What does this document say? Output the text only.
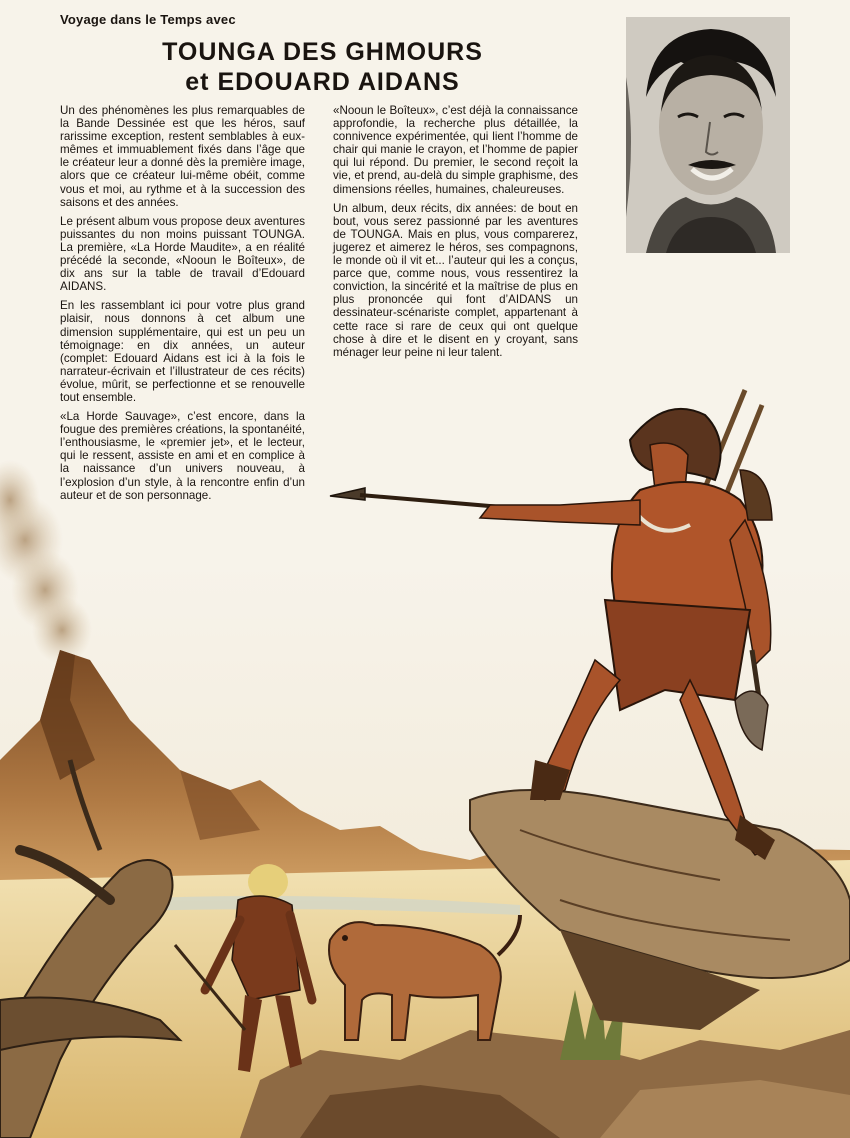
Voyage dans le Temps avec
TOUNGA DES GHMOURS
et EDOUARD AIDANS

Un des phénomènes les plus remarquables de la Bande Dessinée est que les héros, sauf rarissime exception, restent semblables à eux-mêmes et immuablement fixés dans l’âge que le créateur leur a donné dès la première image, alors que ce créateur lui-même obéit, comme vous et moi, au rythme et à la succession des saisons et des années.

Le présent album vous propose deux aventures puissantes du non moins puissant TOUNGA. La première, «La Horde Maudite», a en réalité précédé la seconde, «Nooun le Boîteux», de dix ans sur la table de travail d’Edouard AIDANS.

En les rassemblant ici pour votre plus grand plaisir, nous donnons à cet album une dimension supplémentaire, qui est un peu un témoignage: en dix années, un auteur (complet: Edouard Aidans est ici à la fois le narrateur-écrivain et l’illustrateur de ces récits) évolue, mûrit, se perfectionne et se renouvelle tout ensemble.

«La Horde Sauvage», c’est encore, dans la fougue des premières créations, la spontanéité, l’enthousiasme, le «premier jet», et le lecteur, qui le ressent, assiste en ami et en complice à la naissance d’un univers nouveau, à l’explosion d’un style, à la rencontre enfin d’un auteur et de son personnage.

«Nooun le Boîteux», c’est déjà la connaissance approfondie, la recherche plus détaillée, la connivence expérimentée, qui lient l’homme de chair qui manie le crayon, et l’homme de papier qui lui répond. Du premier, le second reçoit la vie, et prend, au-delà du simple graphisme, des dimensions réelles, humaines, chaleureuses.

Un album, deux récits, dix années: de bout en bout, vous serez passionné par les aventures de TOUNGA. Mais en plus, vous comparerez, jugerez et aimerez le héros, ses compagnons, le monde où il vit et... l’auteur qui les a conçus, parce que, comme nous, vous ressentirez la conviction, la sincérité et la maîtrise de plus en plus prononcée qui font d’AIDANS un dessinateur-scénariste complet, appartenant à cette race si rare de ceux qui ont quelque chose à dire et le disent en y croyant, sans ménager leur peine ni leur talent.
